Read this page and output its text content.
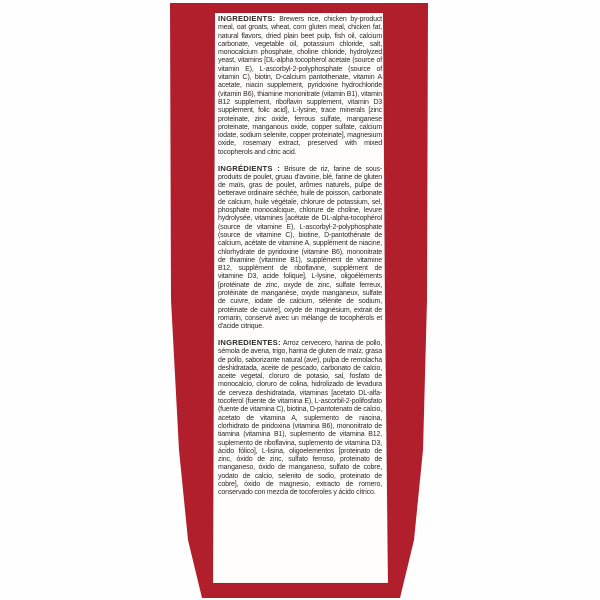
INGREDIENTS: Brewers rice, chicken by-product meal, oat groats, wheat, corn gluten meal, chicken fat, natural flavors, dried plain beet pulp, fish oil, calcium carbonate, vegetable oil, potassium chloride, salt, monocalcium phosphate, choline chloride, hydrolyzed yeast, vitamins [DL-alpha tocopherol acetate (source of vitamin E), L-ascorbyl-2-polyphosphate (source of vitamin C), biotin, D-calcium pantothenate, vitamin A acetate, niacin supplement, pyridoxine hydrochloride (vitamin B6), thiamine mononitrate (vitamin B1), vitamin B12 supplement, riboflavin supplement, vitamin D3 supplement, folic acid], L-lysine, trace minerals [zinc proteinate, zinc oxide, ferrous sulfate, manganese proteinate, manganous oxide, copper sulfate, calcium iodate, sodium selenite, copper proteinate], magnesium oxide, rosemary extract, preserved with mixed tocopherols and citric acid.

INGRÉDIENTS : Brisure de riz, farine de sous-produits de poulet, gruau d'avoine, blé, farine de gluten de maïs, gras de poulet, arômes naturels, pulpe de betterave ordinaire séchée, huile de poisson, carbonate de calcium, huile végétale, chlorure de potassium, sel, phosphate monocalcique, chlorure de choline, levure hydrolysée, vitamines [acétate de DL-alpha-tocophérol (source de vitamine E), L-ascorbyl-2-polyphosphate (source de vitamine C), biotine, D-pantothénate de calcium, acétate de vitamine A, supplément de niacine, chlorhydrate de pyridoxine (vitamine B6), mononitrate de thiamine (vitamine B1), supplément de vitamine B12, supplément de riboflavine, supplément de vitamine D3, acide folique], L-lysine, oligoéléments [protéinate de zinc, oxyde de zinc, sulfate ferreux, protéinate de manganèse, oxyde manganeux, sulfate de cuivre, iodate de calcium, sélénite de sodium, protéinate de cuivre], oxyde de magnésium, extrait de romarin, conservé avec un mélange de tocophérols et d'acide citrique.

INGREDIENTES: Arroz cervecero, harina de pollo, sémola de avena, trigo, harina de gluten de maíz, grasa de pollo, saborizante natural (ave), pulpa de remolacha deshidratada, aceite de pescado, carbonato de calcio, aceite vegetal, cloruro de potasio, sal, fosfato de monocalcio, cloruro de colina, hidrolizado de levadura de cerveza deshidratada, vitaminas [acetato DL-alfa-tocoferol (fuente de vitamina E), L-ascorbil-2-polifosfato (fuente de vitamina C), biotina, D-pantotenato de calcio, acetato de vitamina A, suplemento de niacina, clorhidrato de piridoxina (vitamina B6), mononitrato de tiamina (vitamina B1), suplemento de vitamina B12, suplemento de riboflavina, suplemento de vitamina D3, ácido fólico], L-lisina, oligoelementos [proteinato de zinc, óxido de zinc, sulfato ferroso, proteinato de manganeso, óxido de manganeso, sulfato de cobre, yodato de calcio, selenito de sodio, proteinato de cobre], óxido de magnesio, extracto de romero, conservado con mezcla de tocoferoles y ácido cítrico.
